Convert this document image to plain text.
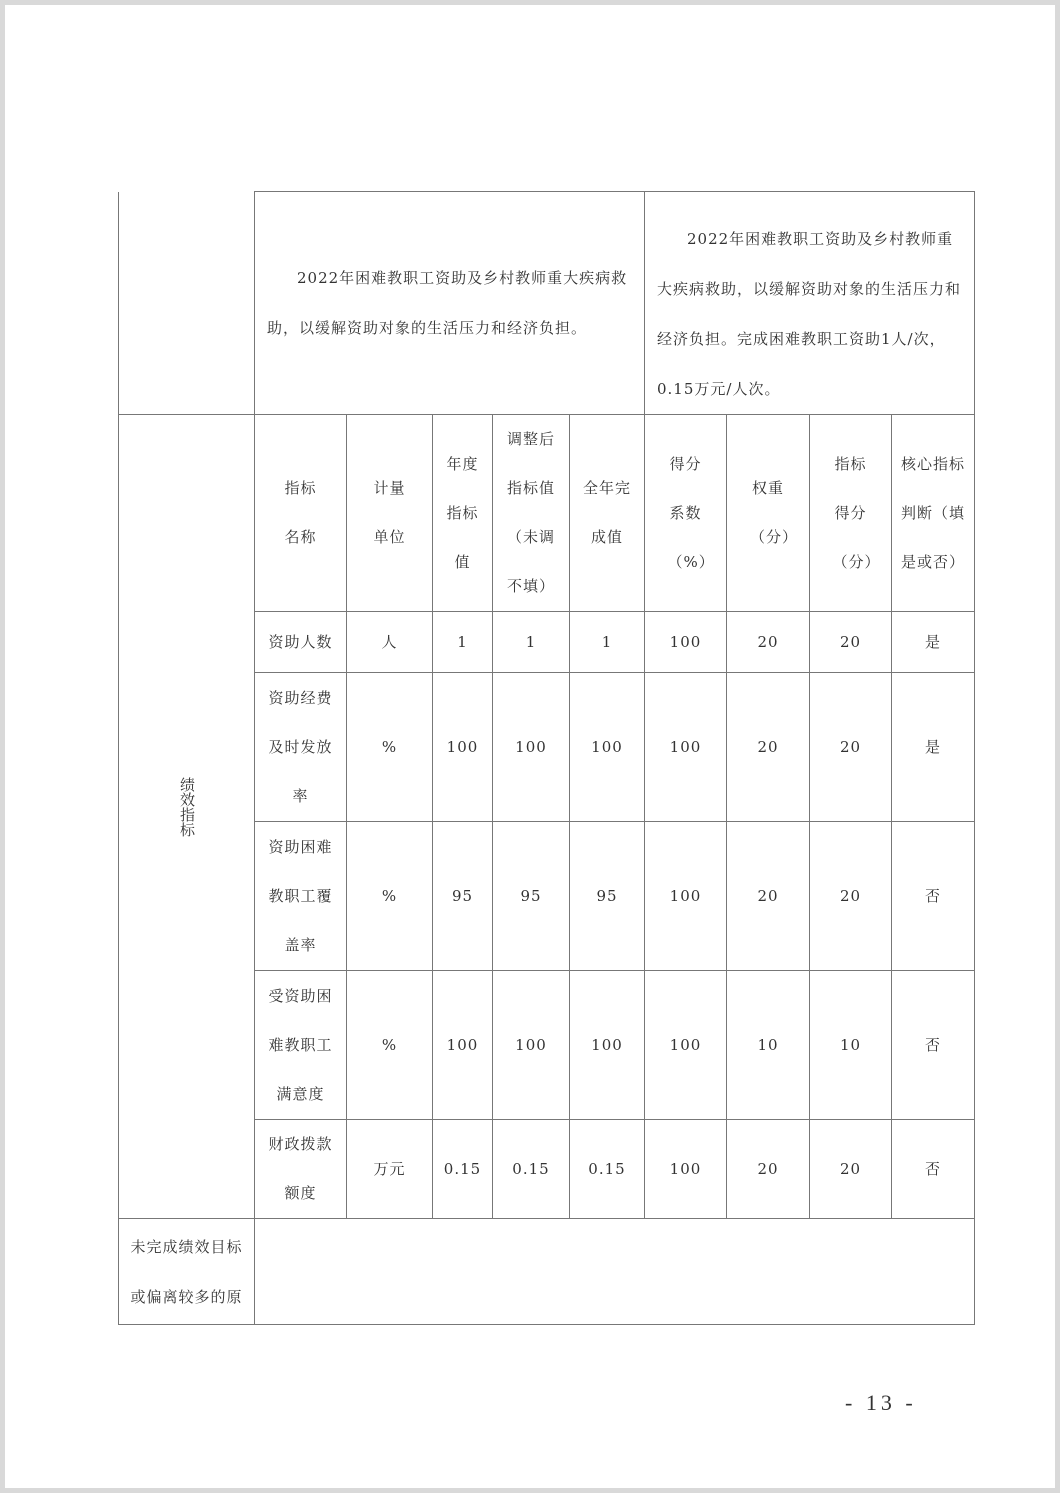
	2022年困难教职工资助及乡村教师重大疾病救助，以缓解资助对象的生活压力和经济负担。					2022年困难教职工资助及乡村教师重大疾病救助，以缓解资助对象的生活压力和经济负担。完成困难教职工资助1人/次，0.15万元/人次。			

绩效指标	指标名称	计量单位	年度指标值	调整后指标值（未调不填）	全年完成值	得分系数（%）	权重（分）	指标得分（分）	核心指标判断（填是或否）
	资助人数	人	1	1	1	100	20	20	是
	资助经费及时发放率	%	100	100	100	100	20	20	是
	资助困难教职工覆盖率	%	95	95	95	100	20	20	否
	受资助困难教职工满意度	%	100	100	100	100	10	10	否
	财政拨款额度	万元	0.15	0.15	0.15	100	20	20	否
未完成绩效目标或偏离较多的原									
- 13 -
